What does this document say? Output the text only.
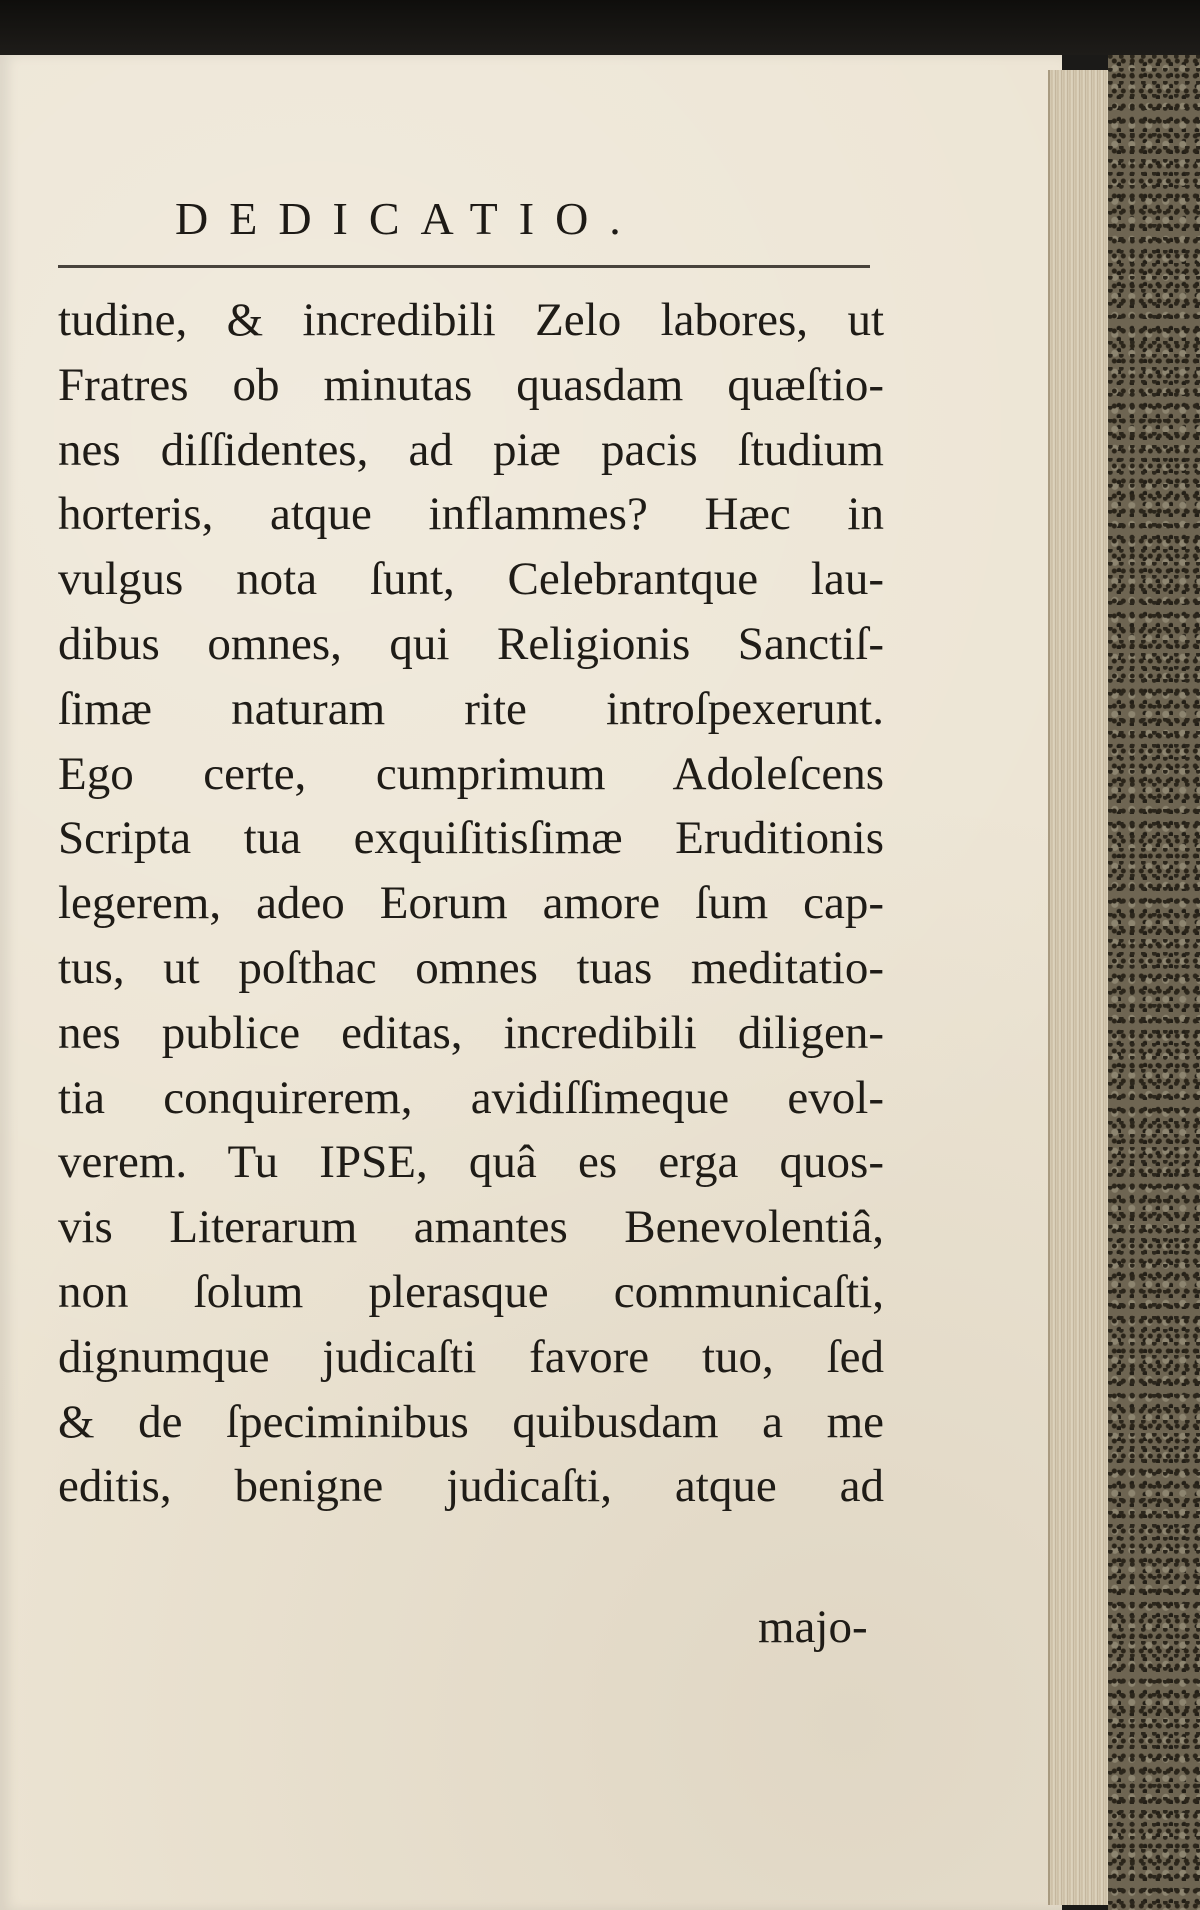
DEDICATIO.
tudine, & incredibili Zelo labores, ut
Fratres ob minutas quasdam quæſtio-
nes diſſidentes, ad piæ pacis ſtudium
horteris, atque inflammes? Hæc in
vulgus nota ſunt, Celebrantque lau-
dibus omnes, qui Religionis Sanctiſ-
ſimæ naturam rite introſpexerunt.
Ego certe, cumprimum Adoleſcens
Scripta tua exquiſitisſimæ Eruditionis
legerem, adeo Eorum amore ſum cap-
tus, ut poſthac omnes tuas meditatio-
nes publice editas, incredibili diligen-
tia conquirerem, avidiſſimeque evol-
verem. Tu IPSE, quâ es erga quos-
vis Literarum amantes Benevolentiâ,
non ſolum plerasque communicaſti,
dignumque judicaſti favore tuo, ſed
& de ſpeciminibus quibusdam a me
editis, benigne judicaſti, atque ad
majo-
